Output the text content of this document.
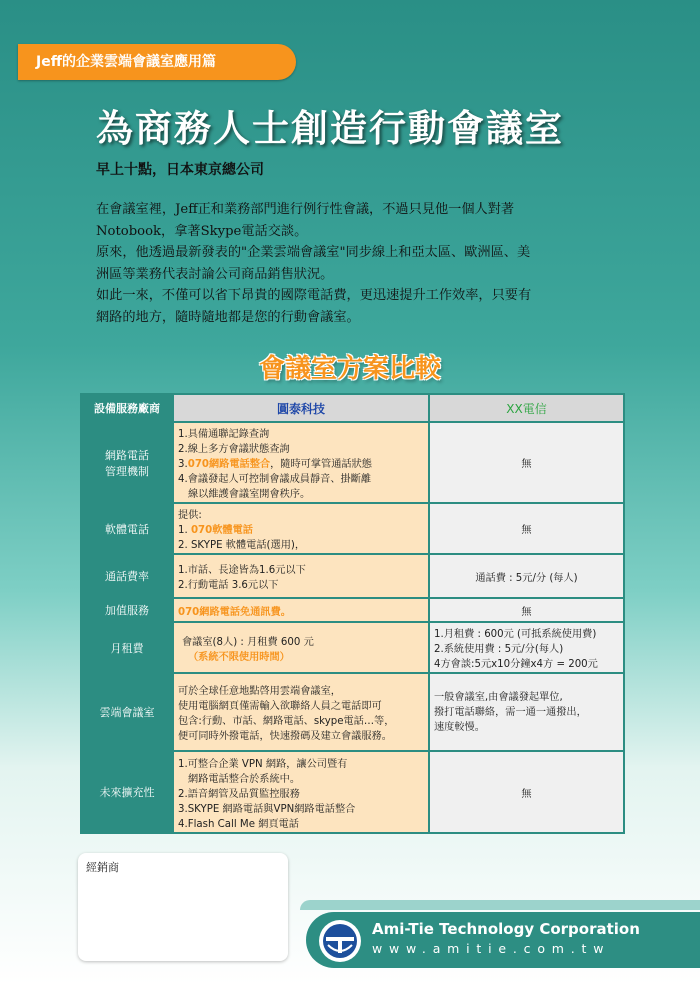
Jeff的企業雲端會議室應用篇
為商務人士創造行動會議室

早上十點，日本東京總公司

在會議室裡，Jeff正和業務部門進行例行性會議，不過只見他一個人對著
Notobook，拿著Skype電話交談。

原來，他透過最新發表的"企業雲端會議室"同步線上和亞太區、歐洲區、美
洲區等業務代表討論公司商品銷售狀況。

如此一來，不僅可以省下昂貴的國際電話費，更迅速提升工作效率，只要有
網路的地方，隨時隨地都是您的行動會議室。

會議室方案比較
設備服務廠商	圓泰科技	XX電信

網路電話
管理機制	1.具備通聯記錄查詢
2.線上多方會議狀態查詢
3.070網路電話整合，隨時可掌管通話狀態
4.會議發起人可控制會議成員靜音、掛斷離
線以維護會議室開會秩序。	無
軟體電話	提供:
1. 070軟體電話
2. SKYPE 軟體電話(選用)，	無
通話費率	1.市話、長途皆為1.6元以下
2.行動電話 3.6元以下	通話費 : 5元/分 (每人)
加值服務	070網路電話免通訊費。	無
月租費	會議室(8人) : 月租費 600 元
（系統不限使用時間）	1.月租費 : 600元 (可抵系統使用費)
2.系統使用費 : 5元/分(每人)
4方會談:5元x10分鐘x4方 = 200元

雲端會議室	可於全球任意地點啓用雲端會議室，
使用電腦網頁僅需輸入欲聯絡人員之電話即可
包含:行動、市話、網路電話、skype電話…等，
便可同時外撥電話，快速撥碼及建立會議服務。	一般會議室,由會議發起單位,
撥打電話聯絡，需一通一通撥出，
速度較慢。

未來擴充性	1.可整合企業 VPN 網路，讓公司暨有
網路電話整合於系統中。
2.語音網管及品質監控服務
3.SKYPE 網路電話與VPN網路電話整合
4.Flash Call Me 網頁電話	無
經銷商
Ami-Tie Technology Corporation
www.amitie.com.tw
